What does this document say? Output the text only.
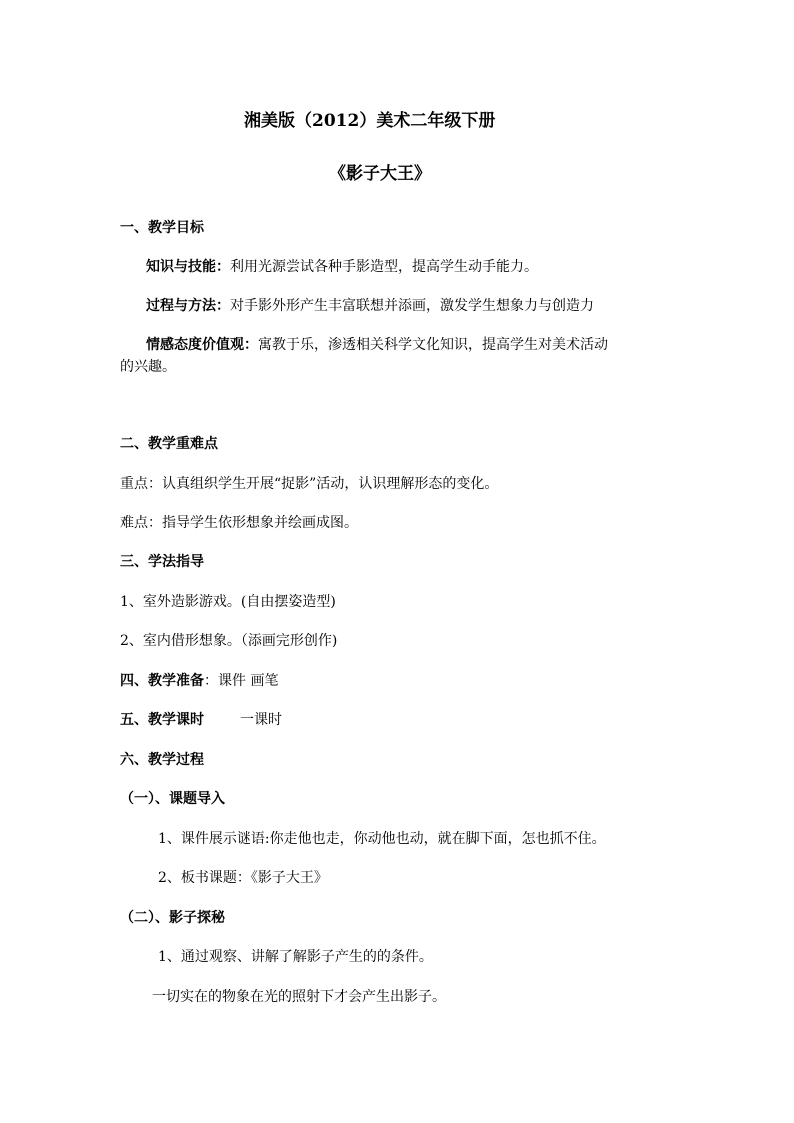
湘美版（2012）美术二年级下册
《影子大王》
一、教学目标
知识与技能：利用光源尝试各种手影造型，提高学生动手能力。
过程与方法：对手影外形产生丰富联想并添画，激发学生想象力与创造力
情感态度价值观：寓教于乐，渗透相关科学文化知识，提高学生对美术活动
的兴趣。
二、教学重难点
重点：认真组织学生开展“捉影”活动，认识理解形态的变化。
难点：指导学生依形想象并绘画成图。
三、学法指导
1、室外造影游戏。(自由摆姿造型)
2、室内借形想象。（添画完形创作)
四、教学准备：课件 画笔
五、教学课时	一课时
六、教学过程
（一）、课题导入
1、课件展示谜语:你走他也走，你动他也动，就在脚下面，怎也抓不住。
2、板书课题：《影子大王》
（二）、影子探秘
1、通过观察、讲解了解影子产生的的条件。
一切实在的物象在光的照射下才会产生出影子。
